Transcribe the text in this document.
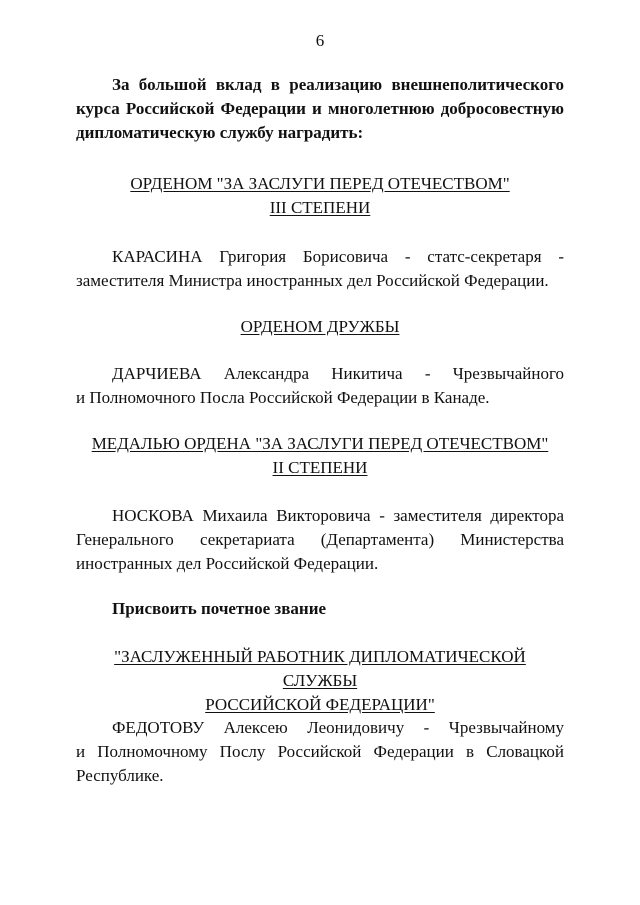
6
За большой вклад в реализацию внешнеполитического
курса Российской Федерации и многолетнюю добросовестную
дипломатическую службу наградить:
ОРДЕНОМ "ЗА ЗАСЛУГИ ПЕРЕД ОТЕЧЕСТВОМ"
III СТЕПЕНИ
КАРАСИНА Григория Борисовича - статс-секретаря -
заместителя Министра иностранных дел Российской Федерации.
ОРДЕНОМ ДРУЖБЫ
ДАРЧИЕВА Александра Никитича - Чрезвычайного
и Полномочного Посла Российской Федерации в Канаде.
МЕДАЛЬЮ ОРДЕНА "ЗА ЗАСЛУГИ ПЕРЕД ОТЕЧЕСТВОМ"
II СТЕПЕНИ
НОСКОВА Михаила Викторовича - заместителя директора
Генерального секретариата (Департамента) Министерства
иностранных дел Российской Федерации.
Присвоить почетное звание
"ЗАСЛУЖЕННЫЙ РАБОТНИК ДИПЛОМАТИЧЕСКОЙ СЛУЖБЫ
РОССИЙСКОЙ ФЕДЕРАЦИИ"
ФЕДОТОВУ Алексею Леонидовичу - Чрезвычайному
и Полномочному Послу Российской Федерации в Словацкой
Республике.
